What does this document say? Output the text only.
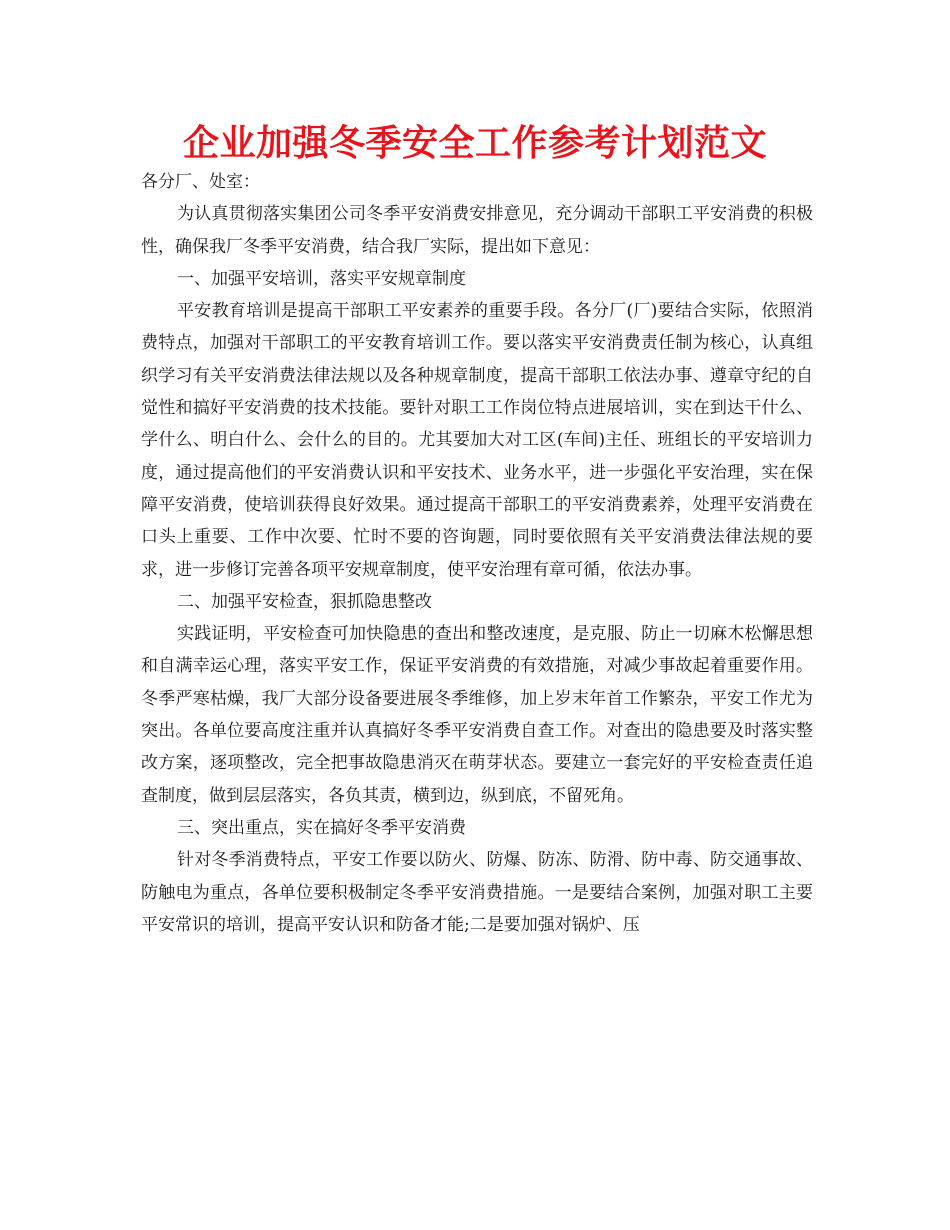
企业加强冬季安全工作参考计划范文

各分厂、处室：

为认真贯彻落实集团公司冬季平安消费安排意见，充分调动干部职工平安消费的积极性，确保我厂冬季平安消费，结合我厂实际，提出如下意见：

一、加强平安培训，落实平安规章制度

平安教育培训是提高干部职工平安素养的重要手段。各分厂(厂)要结合实际，依照消费特点，加强对干部职工的平安教育培训工作。要以落实平安消费责任制为核心，认真组织学习有关平安消费法律法规以及各种规章制度，提高干部职工依法办事、遵章守纪的自觉性和搞好平安消费的技术技能。要针对职工工作岗位特点进展培训，实在到达干什么、学什么、明白什么、会什么的目的。尤其要加大对工区(车间)主任、班组长的平安培训力度，通过提高他们的平安消费认识和平安技术、业务水平，进一步强化平安治理，实在保障平安消费，使培训获得良好效果。通过提高干部职工的平安消费素养，处理平安消费在口头上重要、工作中次要、忙时不要的咨询题，同时要依照有关平安消费法律法规的要求，进一步修订完善各项平安规章制度，使平安治理有章可循，依法办事。

二、加强平安检查，狠抓隐患整改

实践证明，平安检查可加快隐患的查出和整改速度，是克服、防止一切麻木松懈思想和自满幸运心理，落实平安工作，保证平安消费的有效措施，对减少事故起着重要作用。冬季严寒枯燥，我厂大部分设备要进展冬季维修，加上岁末年首工作繁杂，平安工作尤为突出。各单位要高度注重并认真搞好冬季平安消费自查工作。对查出的隐患要及时落实整改方案，逐项整改，完全把事故隐患消灭在萌芽状态。要建立一套完好的平安检查责任追查制度，做到层层落实，各负其责，横到边，纵到底，不留死角。

三、突出重点，实在搞好冬季平安消费

针对冬季消费特点，平安工作要以防火、防爆、防冻、防滑、防中毒、防交通事故、防触电为重点，各单位要积极制定冬季平安消费措施。一是要结合案例，加强对职工主要平安常识的培训，提高平安认识和防备才能;二是要加强对锅炉、压
